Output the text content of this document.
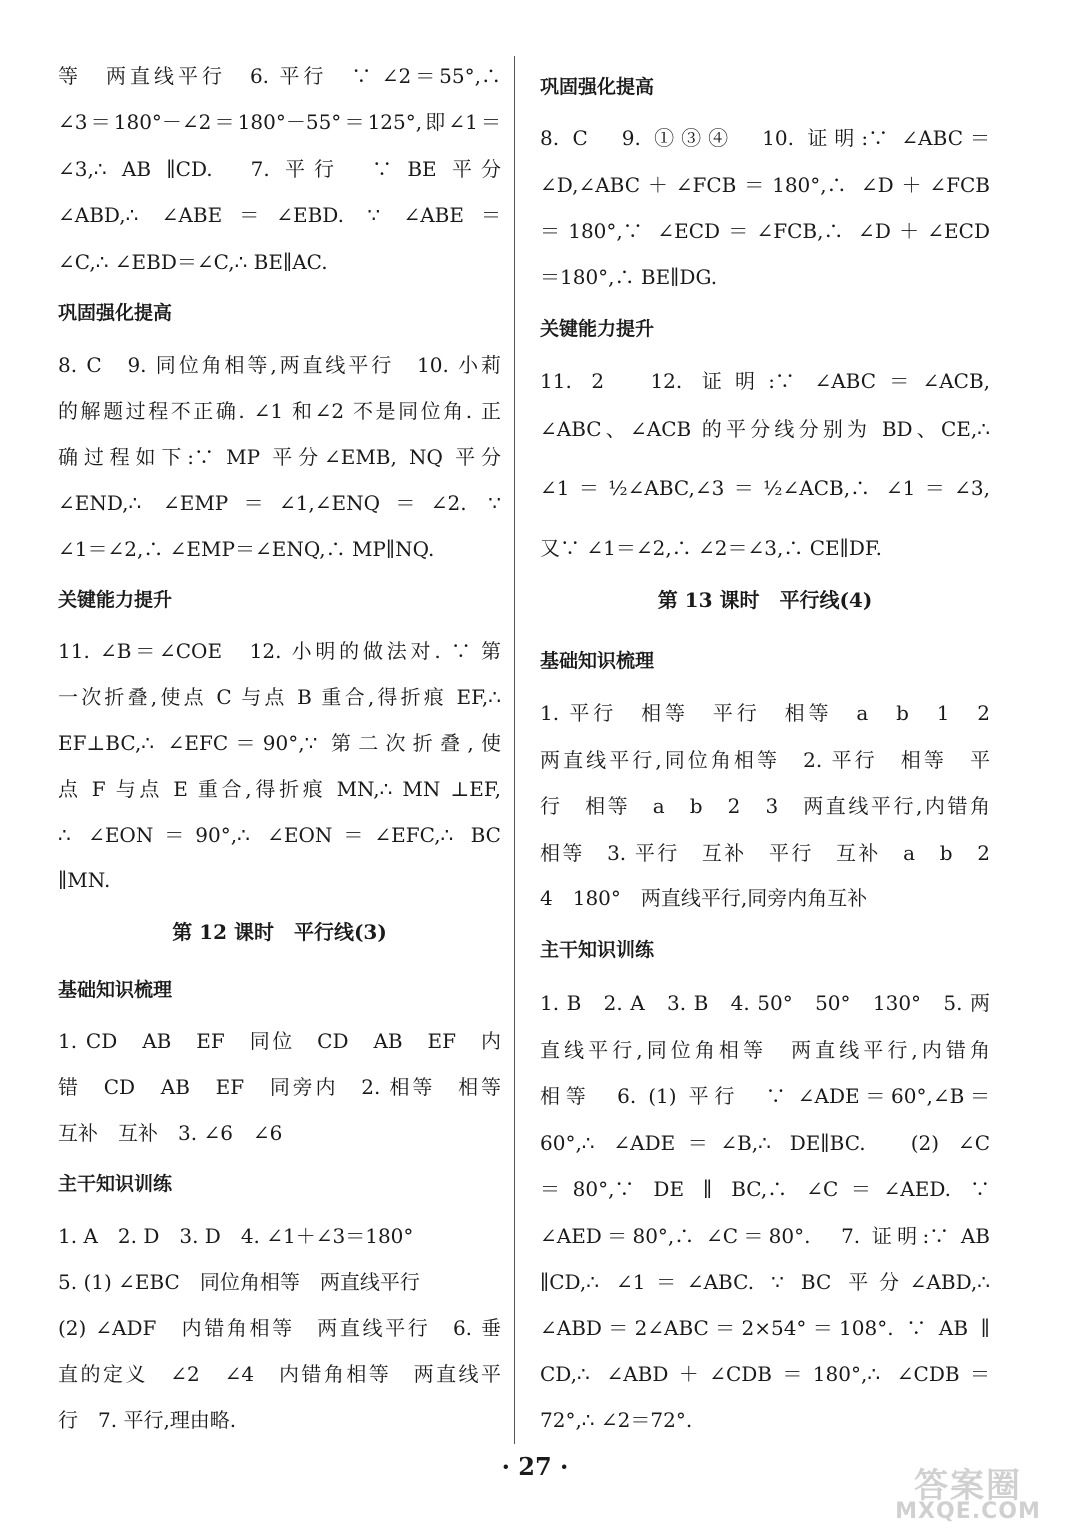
等　两直线平行　6. 平行　∵ ∠2＝55°,∴
∠3＝180°－∠2＝180°－55°＝125°,即∠1＝
∠3,∴ AB ∥CD.　7. 平行　∵ BE 平分
∠ABD,∴ ∠ABE＝∠EBD. ∵ ∠ABE＝
∠C,∴ ∠EBD＝∠C,∴ BE∥AC.
巩固强化提高
8. C　9. 同位角相等,两直线平行　10. 小莉
的解题过程不正确. ∠1 和∠2 不是同位角. 正
确过程如下:∵ MP 平分∠EMB, NQ 平分
∠END,∴ ∠EMP＝∠1,∠ENQ＝∠2. ∵
∠1＝∠2,∴ ∠EMP＝∠ENQ,∴ MP∥NQ.
关键能力提升
11. ∠B＝∠COE　12. 小明的做法对. ∵ 第
一次折叠,使点 C 与点 B 重合,得折痕 EF,∴
EF⊥BC,∴ ∠EFC＝90°,∵ 第二次折叠,使
点 F 与点 E 重合,得折痕 MN,∴ MN ⊥EF,
∴ ∠EON＝90°,∴ ∠EON＝∠EFC,∴ BC
∥MN.
第 12 课时　平行线(3)
基础知识梳理
1. CD　AB　EF　同位　CD　AB　EF　内
错　CD　AB　EF　同旁内　2. 相等　相等
互补　互补　3. ∠6　∠6
主干知识训练
1. A　2. D　3. D　4. ∠1＋∠3＝180°
5. (1) ∠EBC　同位角相等　两直线平行
(2) ∠ADF　内错角相等　两直线平行　6. 垂
直的定义　∠2　∠4　内错角相等　两直线平
行　7. 平行,理由略.
巩固强化提高
8. C　9. ①③④　10. 证明:∵ ∠ABC＝
∠D,∠ABC＋∠FCB＝180°,∴ ∠D＋∠FCB
＝180°,∵ ∠ECD＝∠FCB,∴ ∠D＋∠ECD
＝180°,∴ BE∥DG.
关键能力提升
11. 2　12. 证明:∵ ∠ABC＝∠ACB,
∠ABC、∠ACB 的平分线分别为 BD、CE,∴
∠1＝½∠ABC,∠3＝½∠ACB,∴ ∠1＝∠3,
又∵ ∠1＝∠2,∴ ∠2＝∠3,∴ CE∥DF.
第 13 课时　平行线(4)
基础知识梳理
1. 平行　相等　平行　相等　a　b　1　2
两直线平行,同位角相等　2. 平行　相等　平
行　相等　a　b　2　3　两直线平行,内错角
相等　3. 平行　互补　平行　互补　a　b　2
4　180°　两直线平行,同旁内角互补
主干知识训练
1. B　2. A　3. B　4. 50°　50°　130°　5. 两
直线平行,同位角相等　两直线平行,内错角
相等　6. (1) 平行　∵ ∠ADE＝60°,∠B＝
60°,∴ ∠ADE＝∠B,∴ DE∥BC.　(2) ∠C
＝80°,∵ DE ∥ BC,∴ ∠C＝∠AED. ∵
∠AED＝80°,∴ ∠C＝80°.　7. 证明:∵ AB
∥CD,∴ ∠1＝∠ABC. ∵ BC 平分∠ABD,∴
∠ABD＝2∠ABC＝2×54°＝108°. ∵ AB ∥
CD,∴ ∠ABD＋∠CDB＝180°,∴ ∠CDB＝
72°,∴ ∠2＝72°.
· 27 ·	答案圈
MXQE.COM
